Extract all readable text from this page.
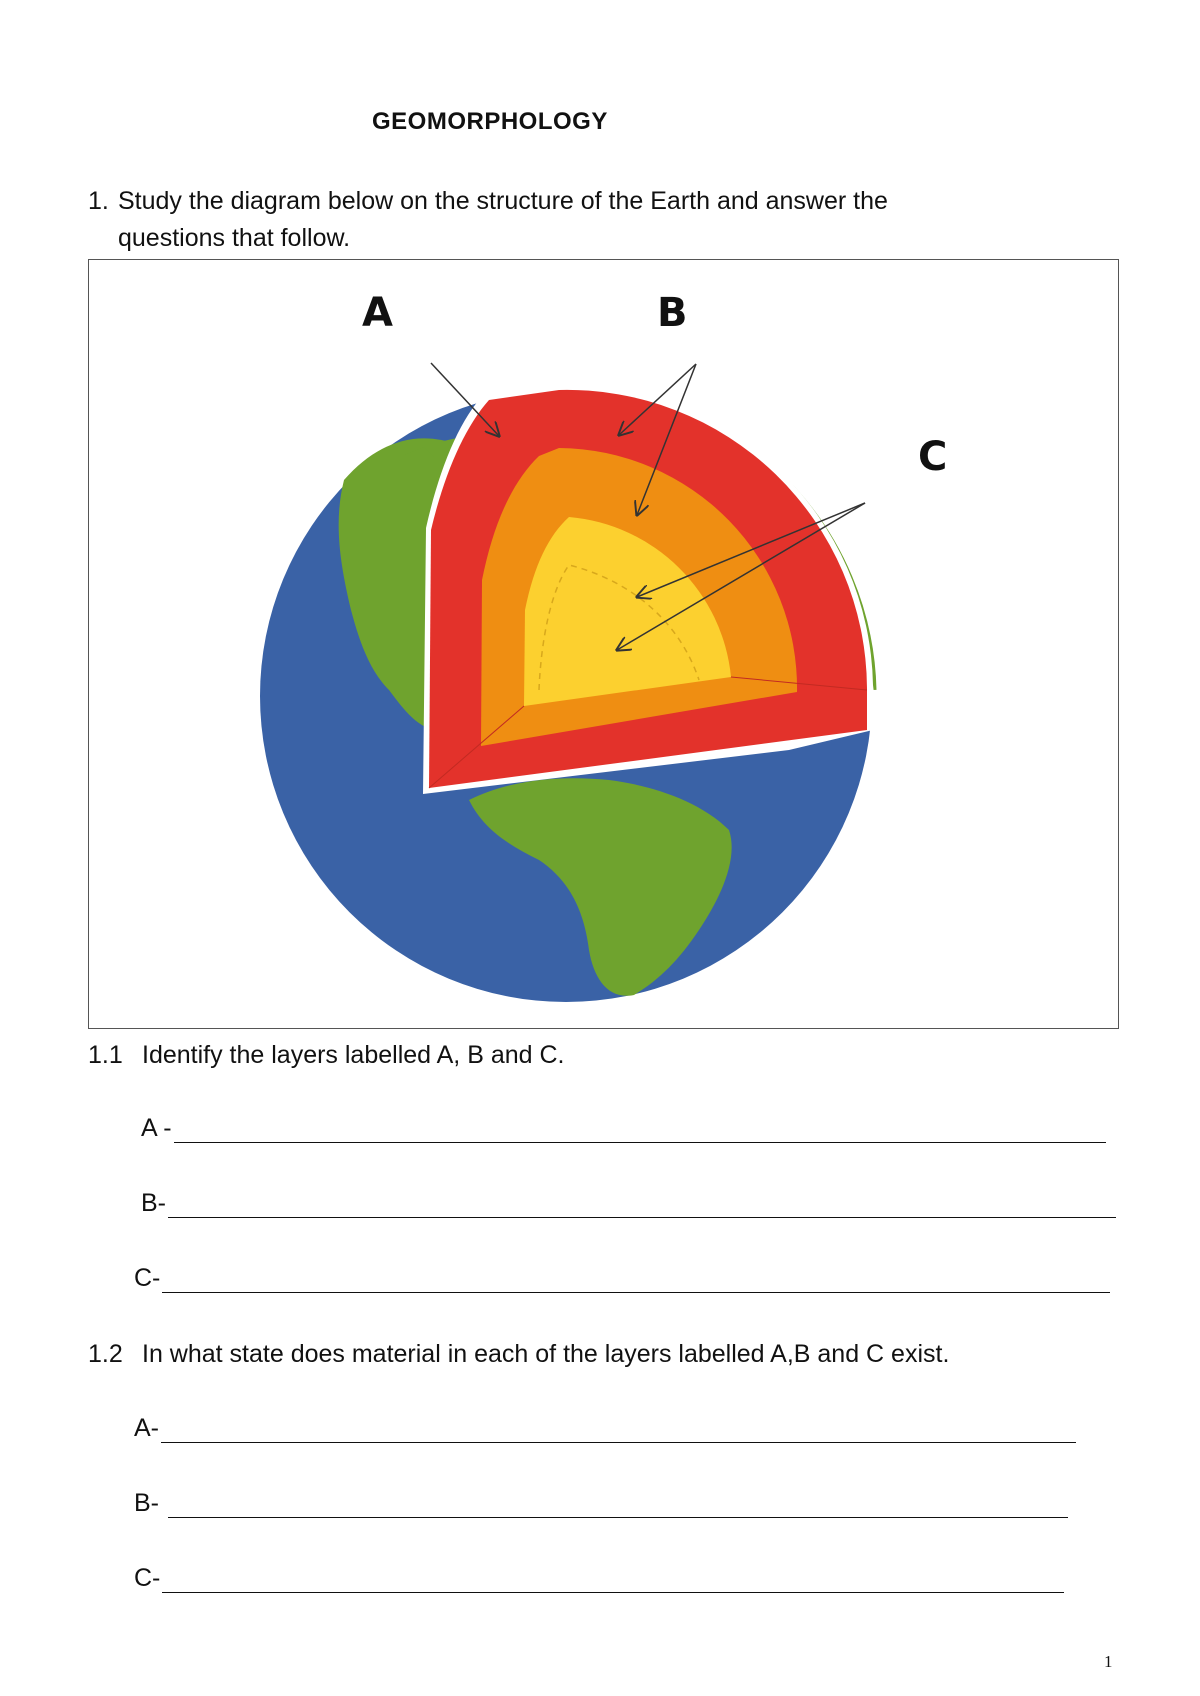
GEOMORPHOLOGY
1. Study the diagram below on the structure of the Earth and answer the
questions that follow.
A	B
C
1.1 Identify the layers labelled A, B and C.
A -
B-
C-
1.2 In what state does material in each of the layers labelled A,B and C exist.
A-
B-
C-
1
